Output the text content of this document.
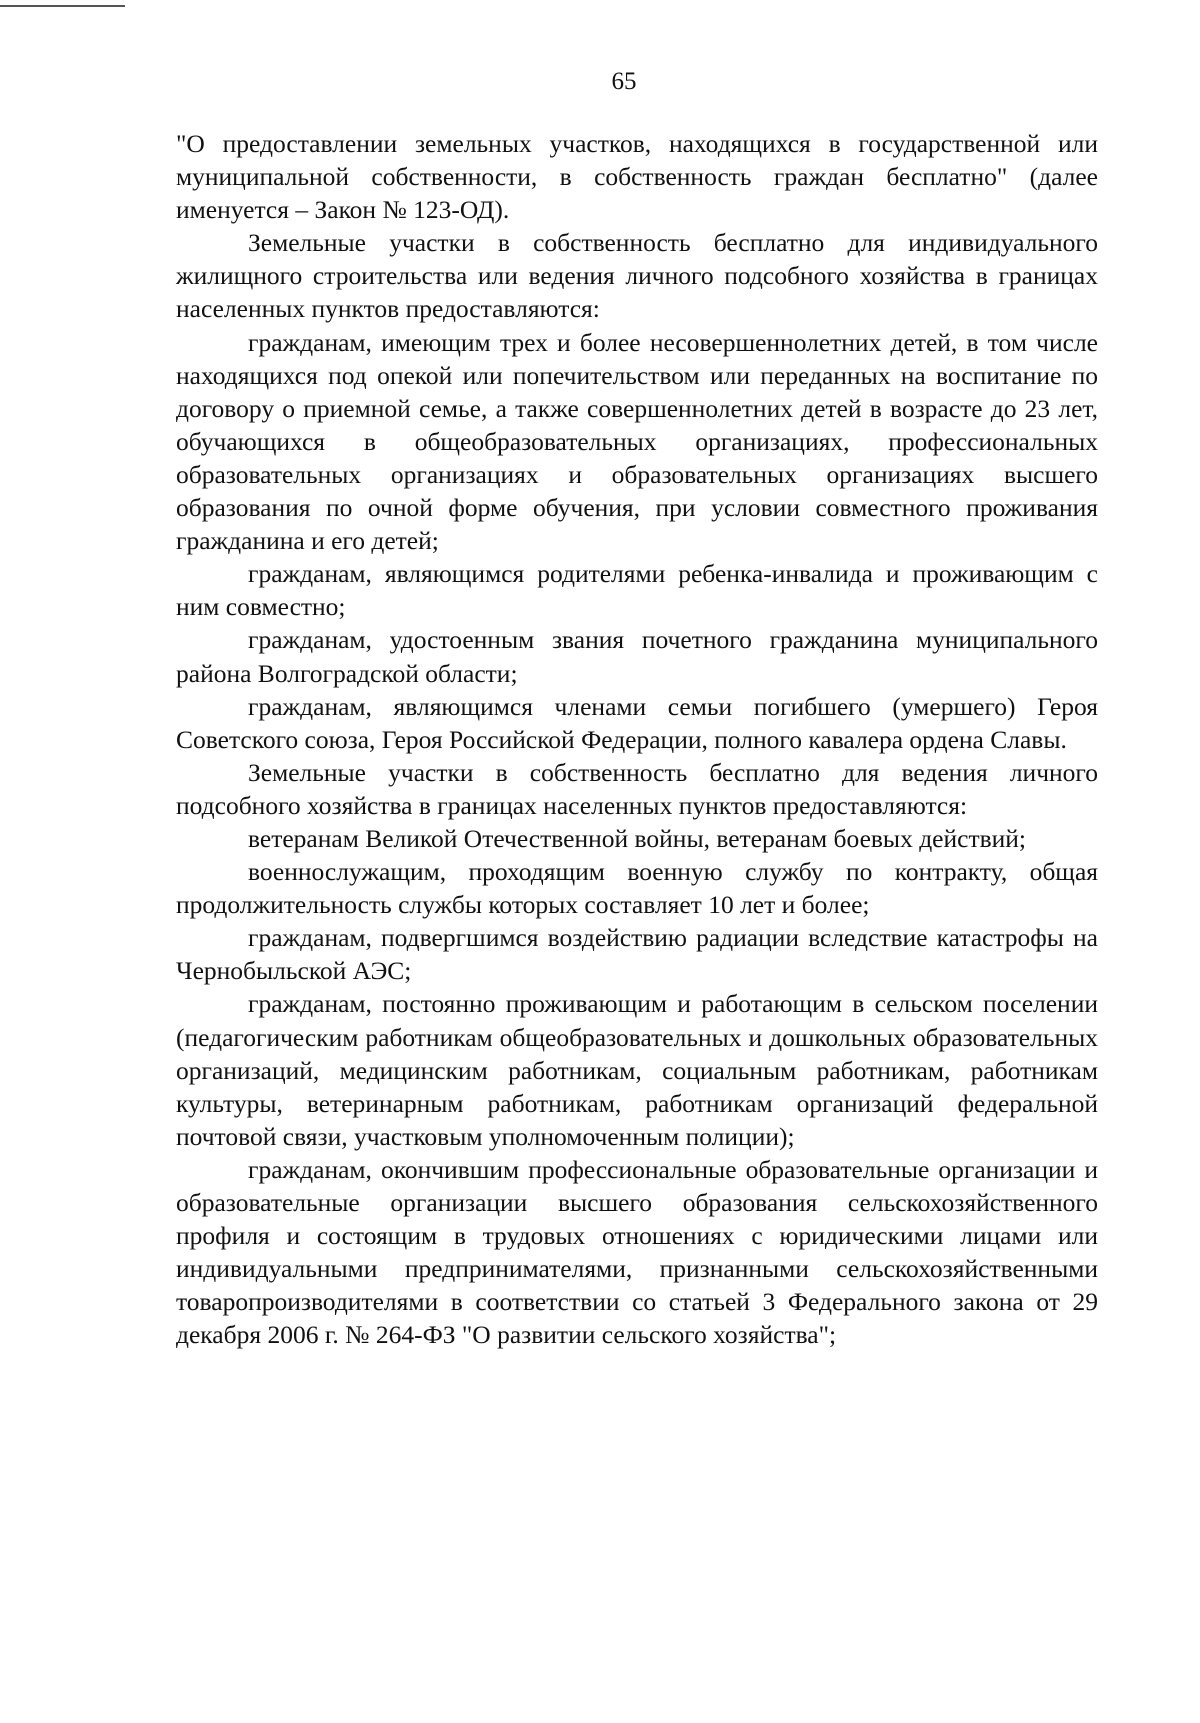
65

"О предоставлении земельных участков, находящихся в государственной или муниципальной собственности, в собственность граждан бесплатно" (далее именуется – Закон № 123-ОД).

Земельные участки в собственность бесплатно для индивидуального жилищного строительства или ведения личного подсобного хозяйства в границах населенных пунктов предоставляются:

гражданам, имеющим трех и более несовершеннолетних детей, в том числе находящихся под опекой или попечительством или переданных на воспитание по договору о приемной семье, а также совершеннолетних детей в возрасте до 23 лет, обучающихся в общеобразовательных организациях, профессиональных образовательных организациях и образовательных организациях высшего образования по очной форме обучения, при условии совместного проживания гражданина и его детей;

гражданам, являющимся родителями ребенка-инвалида и проживающим с ним совместно;

гражданам, удостоенным звания почетного гражданина муниципального района Волгоградской области;

гражданам, являющимся членами семьи погибшего (умершего) Героя Советского союза, Героя Российской Федерации, полного кавалера ордена Славы.

Земельные участки в собственность бесплатно для ведения личного подсобного хозяйства в границах населенных пунктов предоставляются:

ветеранам Великой Отечественной войны, ветеранам боевых действий;

военнослужащим, проходящим военную службу по контракту, общая продолжительность службы которых составляет 10 лет и более;

гражданам, подвергшимся воздействию радиации вследствие катастрофы на Чернобыльской АЭС;

гражданам, постоянно проживающим и работающим в сельском поселении (педагогическим работникам общеобразовательных и дошкольных образовательных организаций, медицинским работникам, социальным работникам, работникам культуры, ветеринарным работникам, работникам организаций федеральной почтовой связи, участковым уполномоченным полиции);

гражданам, окончившим профессиональные образовательные организации и образовательные организации высшего образования сельскохозяйственного профиля и состоящим в трудовых отношениях с юридическими лицами или индивидуальными предпринимателями, признанными сельскохозяйственными товаропроизводителями в соответствии со статьей 3 Федерального закона от 29 декабря 2006 г. № 264-ФЗ "О развитии сельского хозяйства";
